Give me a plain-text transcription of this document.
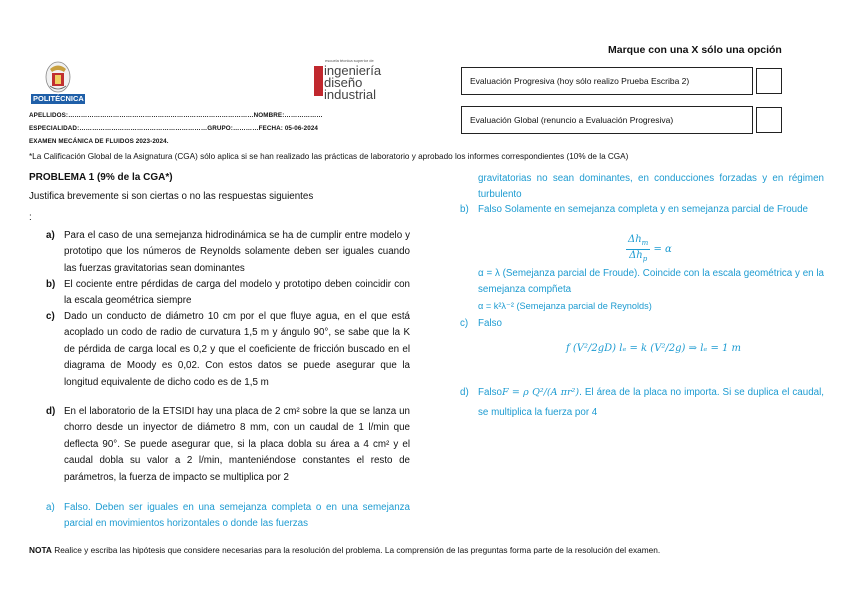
Marque con una X sólo una opción
Evaluación Progresiva (hoy sólo realizo Prueba Escriba 2)
Evaluación Global (renuncio a Evaluación Progresiva)
POLITÉCNICA
escuela técnica superior de
ingeniería
diseño
industrial
APELLIDOS:……………………………………………………………………………NOMBRE:………………
ESPECIALIDAD:……………………………………………………GRUPO:…………FECHA: 05-06-2024
EXAMEN MECÁNICA DE FLUIDOS 2023-2024.
*La Calificación Global de la Asignatura (CGA) sólo aplica si se han realizado las prácticas de laboratorio y aprobado los informes correspondientes (10% de la CGA)
PROBLEMA 1 (9% de la CGA*)
Justifica brevemente si son ciertas o no las respuestas siguientes
:
a) Para el caso de una semejanza hidrodinámica se ha de cumplir entre modelo y prototipo que los números de Reynolds solamente deben ser iguales cuando las fuerzas gravitatorias sean dominantes
b) El cociente entre pérdidas de carga del modelo y prototipo deben coincidir con la escala geométrica siempre
c) Dado un conducto de diámetro 10 cm por el que fluye agua, en el que está acoplado un codo de radio de curvatura 1,5 m y ángulo 90°, se sabe que la K de pérdida de carga local es 0,2 y que el coeficiente de fricción buscado en el diagrama de Moody es 0,02. Con estos datos se puede asegurar que la longitud equivalente de dicho codo es de 1,5 m
d) En el laboratorio de la ETSIDI hay una placa de 2 cm² sobre la que se lanza un chorro desde un inyector de diámetro 8 mm, con un caudal de 1 l/min que deflecta 90°. Se puede asegurar que, si la placa dobla su área a 4 cm² y el caudal dobla su valor a 2 l/min, manteniéndose constantes el resto de parámetros, la fuerza de impacto se multiplica por 2
a) Falso. Deben ser iguales en una semejanza completa o en una semejanza parcial en movimientos horizontales o donde las fuerzas
gravitatorias no sean dominantes, en conducciones forzadas y en régimen turbulento
b) Falso Solamente en semejanza completa y en semejanza parcial de Froude
$\frac{\Delta h_m}{\Delta h_p} = \alpha$
α = λ (Semejanza parcial de Froude). Coincide con la escala geométrica y en la semejanza compñeta
α = k²λ⁻² (Semejanza parcial de Reynolds)
c)	Falso
f (V²/2gD) lₑ = k (V²/2g) ⇒ lₑ = 1 m
d) FalsoF = ρ Q²/(A πr²). El área de la placa no importa. Si se duplica el caudal, se multiplica la fuerza por 4
NOTA Realice y escriba las hipótesis que considere necesarias para la resolución del problema. La comprensión de las preguntas forma parte de la resolución del examen.
